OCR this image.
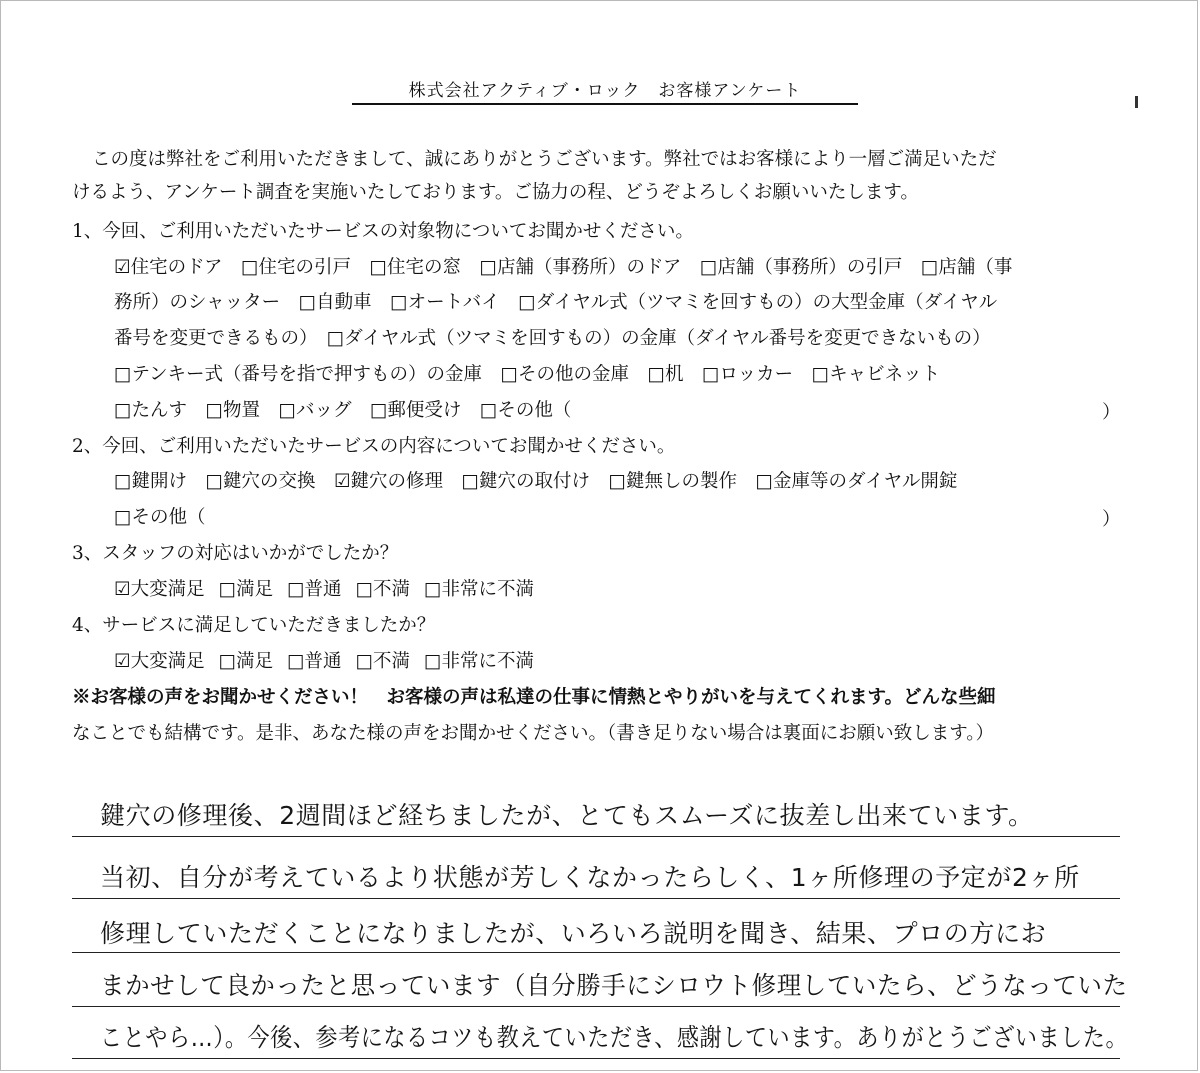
株式会社アクティブ・ロック　お客様アンケート
この度は弊社をご利用いただきまして、誠にありがとうございます。弊社ではお客様により一層ご満足いただ
けるよう、アンケート調査を実施いたしております。ご協力の程、どうぞよろしくお願いいたします。
1、今回、ご利用いただいたサービスの対象物についてお聞かせください。
☑住宅のドア　□住宅の引戸　□住宅の窓　□店舗（事務所）のドア　□店舗（事務所）の引戸　□店舗（事
務所）のシャッター　□自動車　□オートバイ　□ダイヤル式（ツマミを回すもの）の大型金庫（ダイヤル
番号を変更できるもの）　□ダイヤル式（ツマミを回すもの）の金庫（ダイヤル番号を変更できないもの）
□テンキー式（番号を指で押すもの）の金庫　□その他の金庫　□机　□ロッカー　□キャビネット
□たんす　□物置　□バッグ　□郵便受け　□その他（	）
2、今回、ご利用いただいたサービスの内容についてお聞かせください。
□鍵開け　□鍵穴の交換　☑鍵穴の修理　□鍵穴の取付け　□鍵無しの製作　□金庫等のダイヤル開錠
□その他（	）
3、スタッフの対応はいかがでしたか？
☑大変満足 □満足 □普通 □不満 □非常に不満
4、サービスに満足していただきましたか？
☑大変満足 □満足 □普通 □不満 □非常に不満
※お客様の声をお聞かせください！　お客様の声は私達の仕事に情熱とやりがいを与えてくれます。どんな些細
なことでも結構です。是非、あなた様の声をお聞かせください。（書き足りない場合は裏面にお願い致します。）
鍵穴の修理後、2週間ほど経ちましたが、とてもスムーズに抜差し出来ています。
当初、自分が考えているより状態が芳しくなかったらしく、1ヶ所修理の予定が2ヶ所
修理していただくことになりましたが、いろいろ説明を聞き、結果、プロの方にお
まかせして良かったと思っています（自分勝手にシロウト修理していたら、どうなっていた
ことやら…）。今後、参考になるコツも教えていただき、感謝しています。ありがとうございました。
